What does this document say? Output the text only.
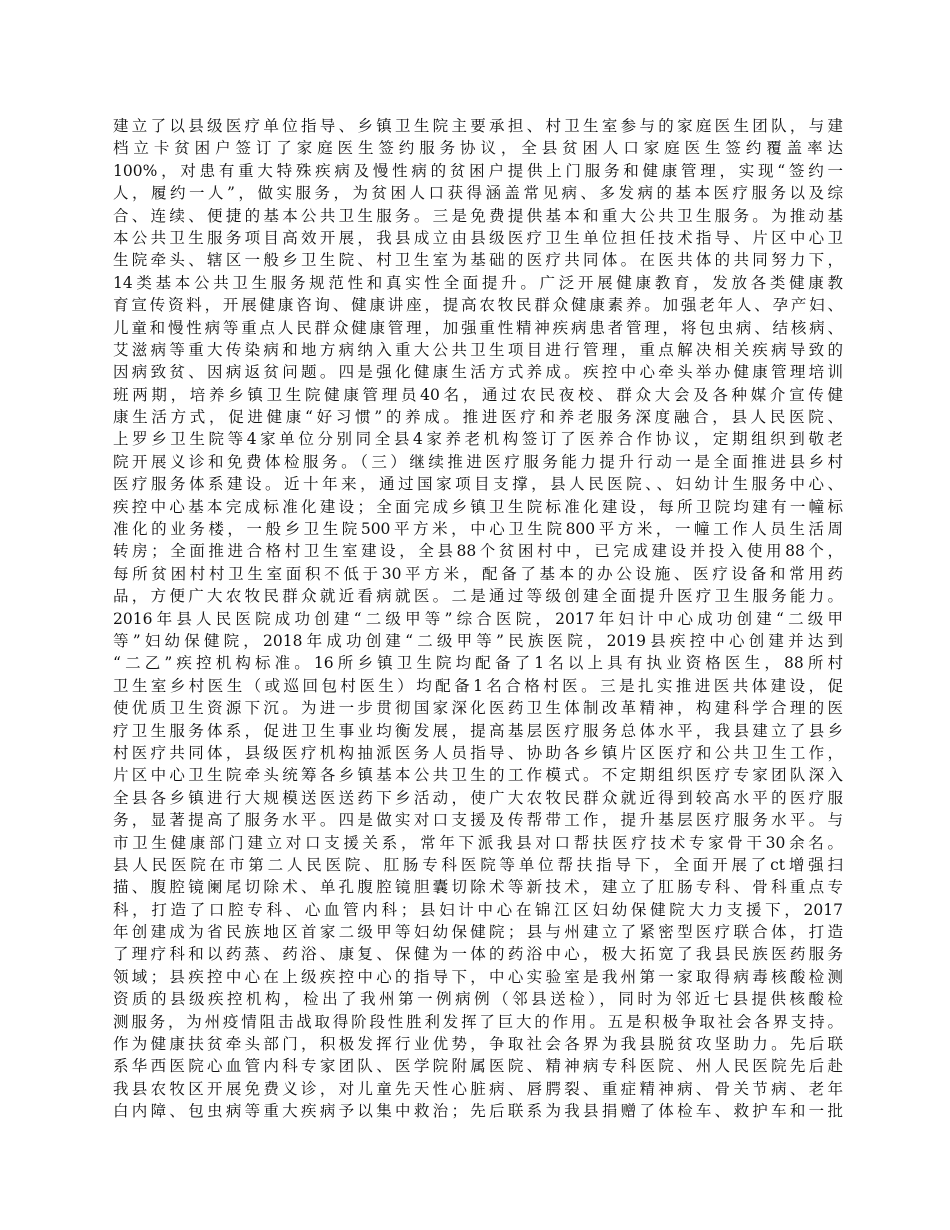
建立了以县级医疗单位指导、乡镇卫生院主要承担、村卫生室参与的家庭医生团队，与建
档立卡贫困户签订了家庭医生签约服务协议，全县贫困人口家庭医生签约覆盖率达
100%，对患有重大特殊疾病及慢性病的贫困户提供上门服务和健康管理，实现“签约一
人，履约一人”，做实服务，为贫困人口获得涵盖常见病、多发病的基本医疗服务以及综
合、连续、便捷的基本公共卫生服务。三是免费提供基本和重大公共卫生服务。为推动基
本公共卫生服务项目高效开展，我县成立由县级医疗卫生单位担任技术指导、片区中心卫
生院牵头、辖区一般乡卫生院、村卫生室为基础的医疗共同体。在医共体的共同努力下，
14类基本公共卫生服务规范性和真实性全面提升。广泛开展健康教育，发放各类健康教
育宣传资料，开展健康咨询、健康讲座，提高农牧民群众健康素养。加强老年人、孕产妇、
儿童和慢性病等重点人民群众健康管理，加强重性精神疾病患者管理，将包虫病、结核病、
艾滋病等重大传染病和地方病纳入重大公共卫生项目进行管理，重点解决相关疾病导致的
因病致贫、因病返贫问题。四是强化健康生活方式养成。疾控中心牵头举办健康管理培训
班两期，培养乡镇卫生院健康管理员40名，通过农民夜校、群众大会及各种媒介宣传健
康生活方式，促进健康“好习惯”的养成。推进医疗和养老服务深度融合，县人民医院、
上罗乡卫生院等4家单位分别同全县4家养老机构签订了医养合作协议，定期组织到敬老
院开展义诊和免费体检服务。（三）继续推进医疗服务能力提升行动一是全面推进县乡村
医疗服务体系建设。近十年来，通过国家项目支撑，县人民医院、、妇幼计生服务中心、
疾控中心基本完成标准化建设；全面完成乡镇卫生院标准化建设，每所卫院均建有一幢标
准化的业务楼，一般乡卫生院500平方米，中心卫生院800平方米，一幢工作人员生活周
转房；全面推进合格村卫生室建设，全县88个贫困村中，已完成建设并投入使用88个，
每所贫困村村卫生室面积不低于30平方米，配备了基本的办公设施、医疗设备和常用药
品，方便广大农牧民群众就近看病就医。二是通过等级创建全面提升医疗卫生服务能力。
2016年县人民医院成功创建“二级甲等”综合医院，2017年妇计中心成功创建“二级甲
等”妇幼保健院，2018年成功创建“二级甲等”民族医院，2019县疾控中心创建并达到
“二乙”疾控机构标准。16所乡镇卫生院均配备了1名以上具有执业资格医生，88所村
卫生室乡村医生（或巡回包村医生）均配备1名合格村医。三是扎实推进医共体建设，促
使优质卫生资源下沉。为进一步贯彻国家深化医药卫生体制改革精神，构建科学合理的医
疗卫生服务体系，促进卫生事业均衡发展，提高基层医疗服务总体水平，我县建立了县乡
村医疗共同体，县级医疗机构抽派医务人员指导、协助各乡镇片区医疗和公共卫生工作，
片区中心卫生院牵头统筹各乡镇基本公共卫生的工作模式。不定期组织医疗专家团队深入
全县各乡镇进行大规模送医送药下乡活动，使广大农牧民群众就近得到较高水平的医疗服
务，显著提高了服务水平。四是做实对口支援及传帮带工作，提升基层医疗服务水平。与
市卫生健康部门建立对口支援关系，常年下派我县对口帮扶医疗技术专家骨干30余名。
县人民医院在市第二人民医院、肛肠专科医院等单位帮扶指导下，全面开展了ct增强扫
描、腹腔镜阑尾切除术、单孔腹腔镜胆囊切除术等新技术，建立了肛肠专科、骨科重点专
科，打造了口腔专科、心血管内科；县妇计中心在锦江区妇幼保健院大力支援下，2017
年创建成为省民族地区首家二级甲等妇幼保健院；县与州建立了紧密型医疗联合体，打造
了理疗科和以药蒸、药浴、康复、保健为一体的药浴中心，极大拓宽了我县民族医药服务
领域；县疾控中心在上级疾控中心的指导下，中心实验室是我州第一家取得病毒核酸检测
资质的县级疾控机构，检出了我州第一例病例（邻县送检），同时为邻近七县提供核酸检
测服务，为州疫情阻击战取得阶段性胜利发挥了巨大的作用。五是积极争取社会各界支持。
作为健康扶贫牵头部门，积极发挥行业优势，争取社会各界为我县脱贫攻坚助力。先后联
系华西医院心血管内科专家团队、医学院附属医院、精神病专科医院、州人民医院先后赴
我县农牧区开展免费义诊，对儿童先天性心脏病、唇腭裂、重症精神病、骨关节病、老年
白内障、包虫病等重大疾病予以集中救治；先后联系为我县捐赠了体检车、救护车和一批
